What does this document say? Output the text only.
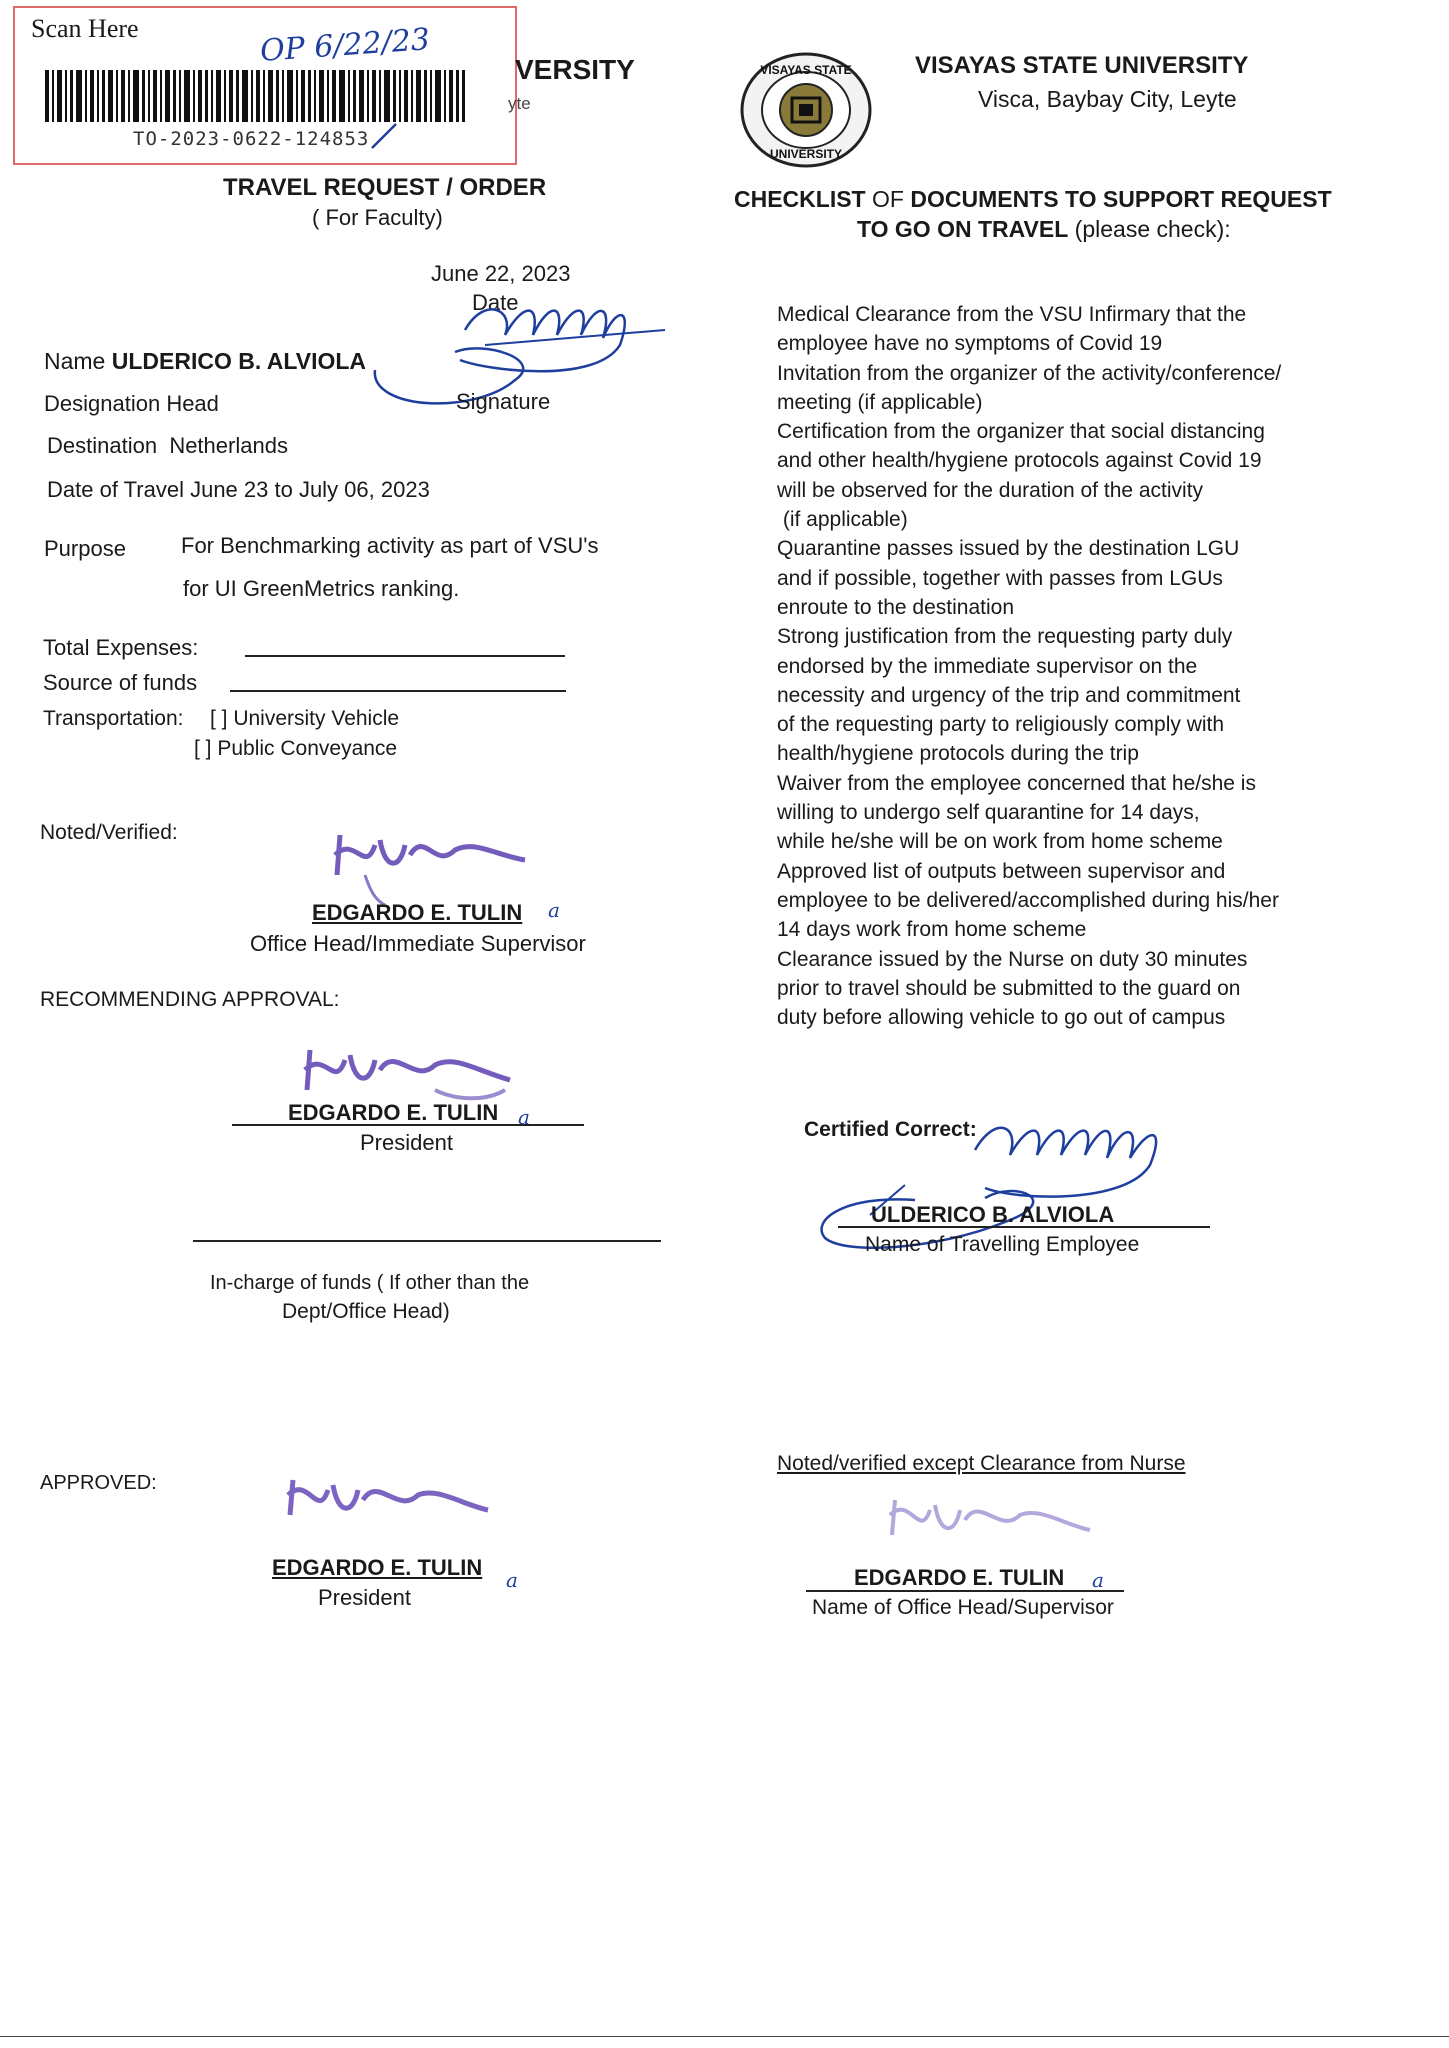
Scan Here	OP 6/22/23
TO-2023-0622-124853
VERSITY
yte
VISAYAS STATE
UNIVERSITY
VISAYAS STATE UNIVERSITY
Visca, Baybay City, Leyte
TRAVEL REQUEST / ORDER
( For Faculty)
June 22, 2023
Date
Name ULDERICO B. ALVIOLA
Signature
Designation Head
Destination Netherlands
Date of Travel June 23 to July 06, 2023
Purpose	For Benchmarking activity as part of VSU's
for UI GreenMetrics ranking.
Total Expenses:
Source of funds
Transportation: [ ] University Vehicle
[ ] Public Conveyance
Noted/Verified:
EDGARDO E. TULIN a
Office Head/Immediate Supervisor
RECOMMENDING APPROVAL:
EDGARDO E. TULIN a
President
In-charge of funds ( If other than the
Dept/Office Head)
APPROVED:
EDGARDO E. TULIN a
President
CHECKLIST OF DOCUMENTS TO SUPPORT REQUEST
TO GO ON TRAVEL (please check):
Medical Clearance from the VSU Infirmary that the
employee have no symptoms of Covid 19
Invitation from the organizer of the activity/conference/
meeting (if applicable)
Certification from the organizer that social distancing
and other health/hygiene protocols against Covid 19
will be observed for the duration of the activity
(if applicable)
Quarantine passes issued by the destination LGU
and if possible, together with passes from LGUs
enroute to the destination
Strong justification from the requesting party duly
endorsed by the immediate supervisor on the
necessity and urgency of the trip and commitment
of the requesting party to religiously comply with
health/hygiene protocols during the trip
Waiver from the employee concerned that he/she is
willing to undergo self quarantine for 14 days,
while he/she will be on work from home scheme
Approved list of outputs between supervisor and
employee to be delivered/accomplished during his/her
14 days work from home scheme
Clearance issued by the Nurse on duty 30 minutes
prior to travel should be submitted to the guard on
duty before allowing vehicle to go out of campus
Certified Correct:
ULDERICO B. ALVIOLA
Name of Travelling Employee
Noted/verified except Clearance from Nurse
EDGARDO E. TULIN a
Name of Office Head/Supervisor
